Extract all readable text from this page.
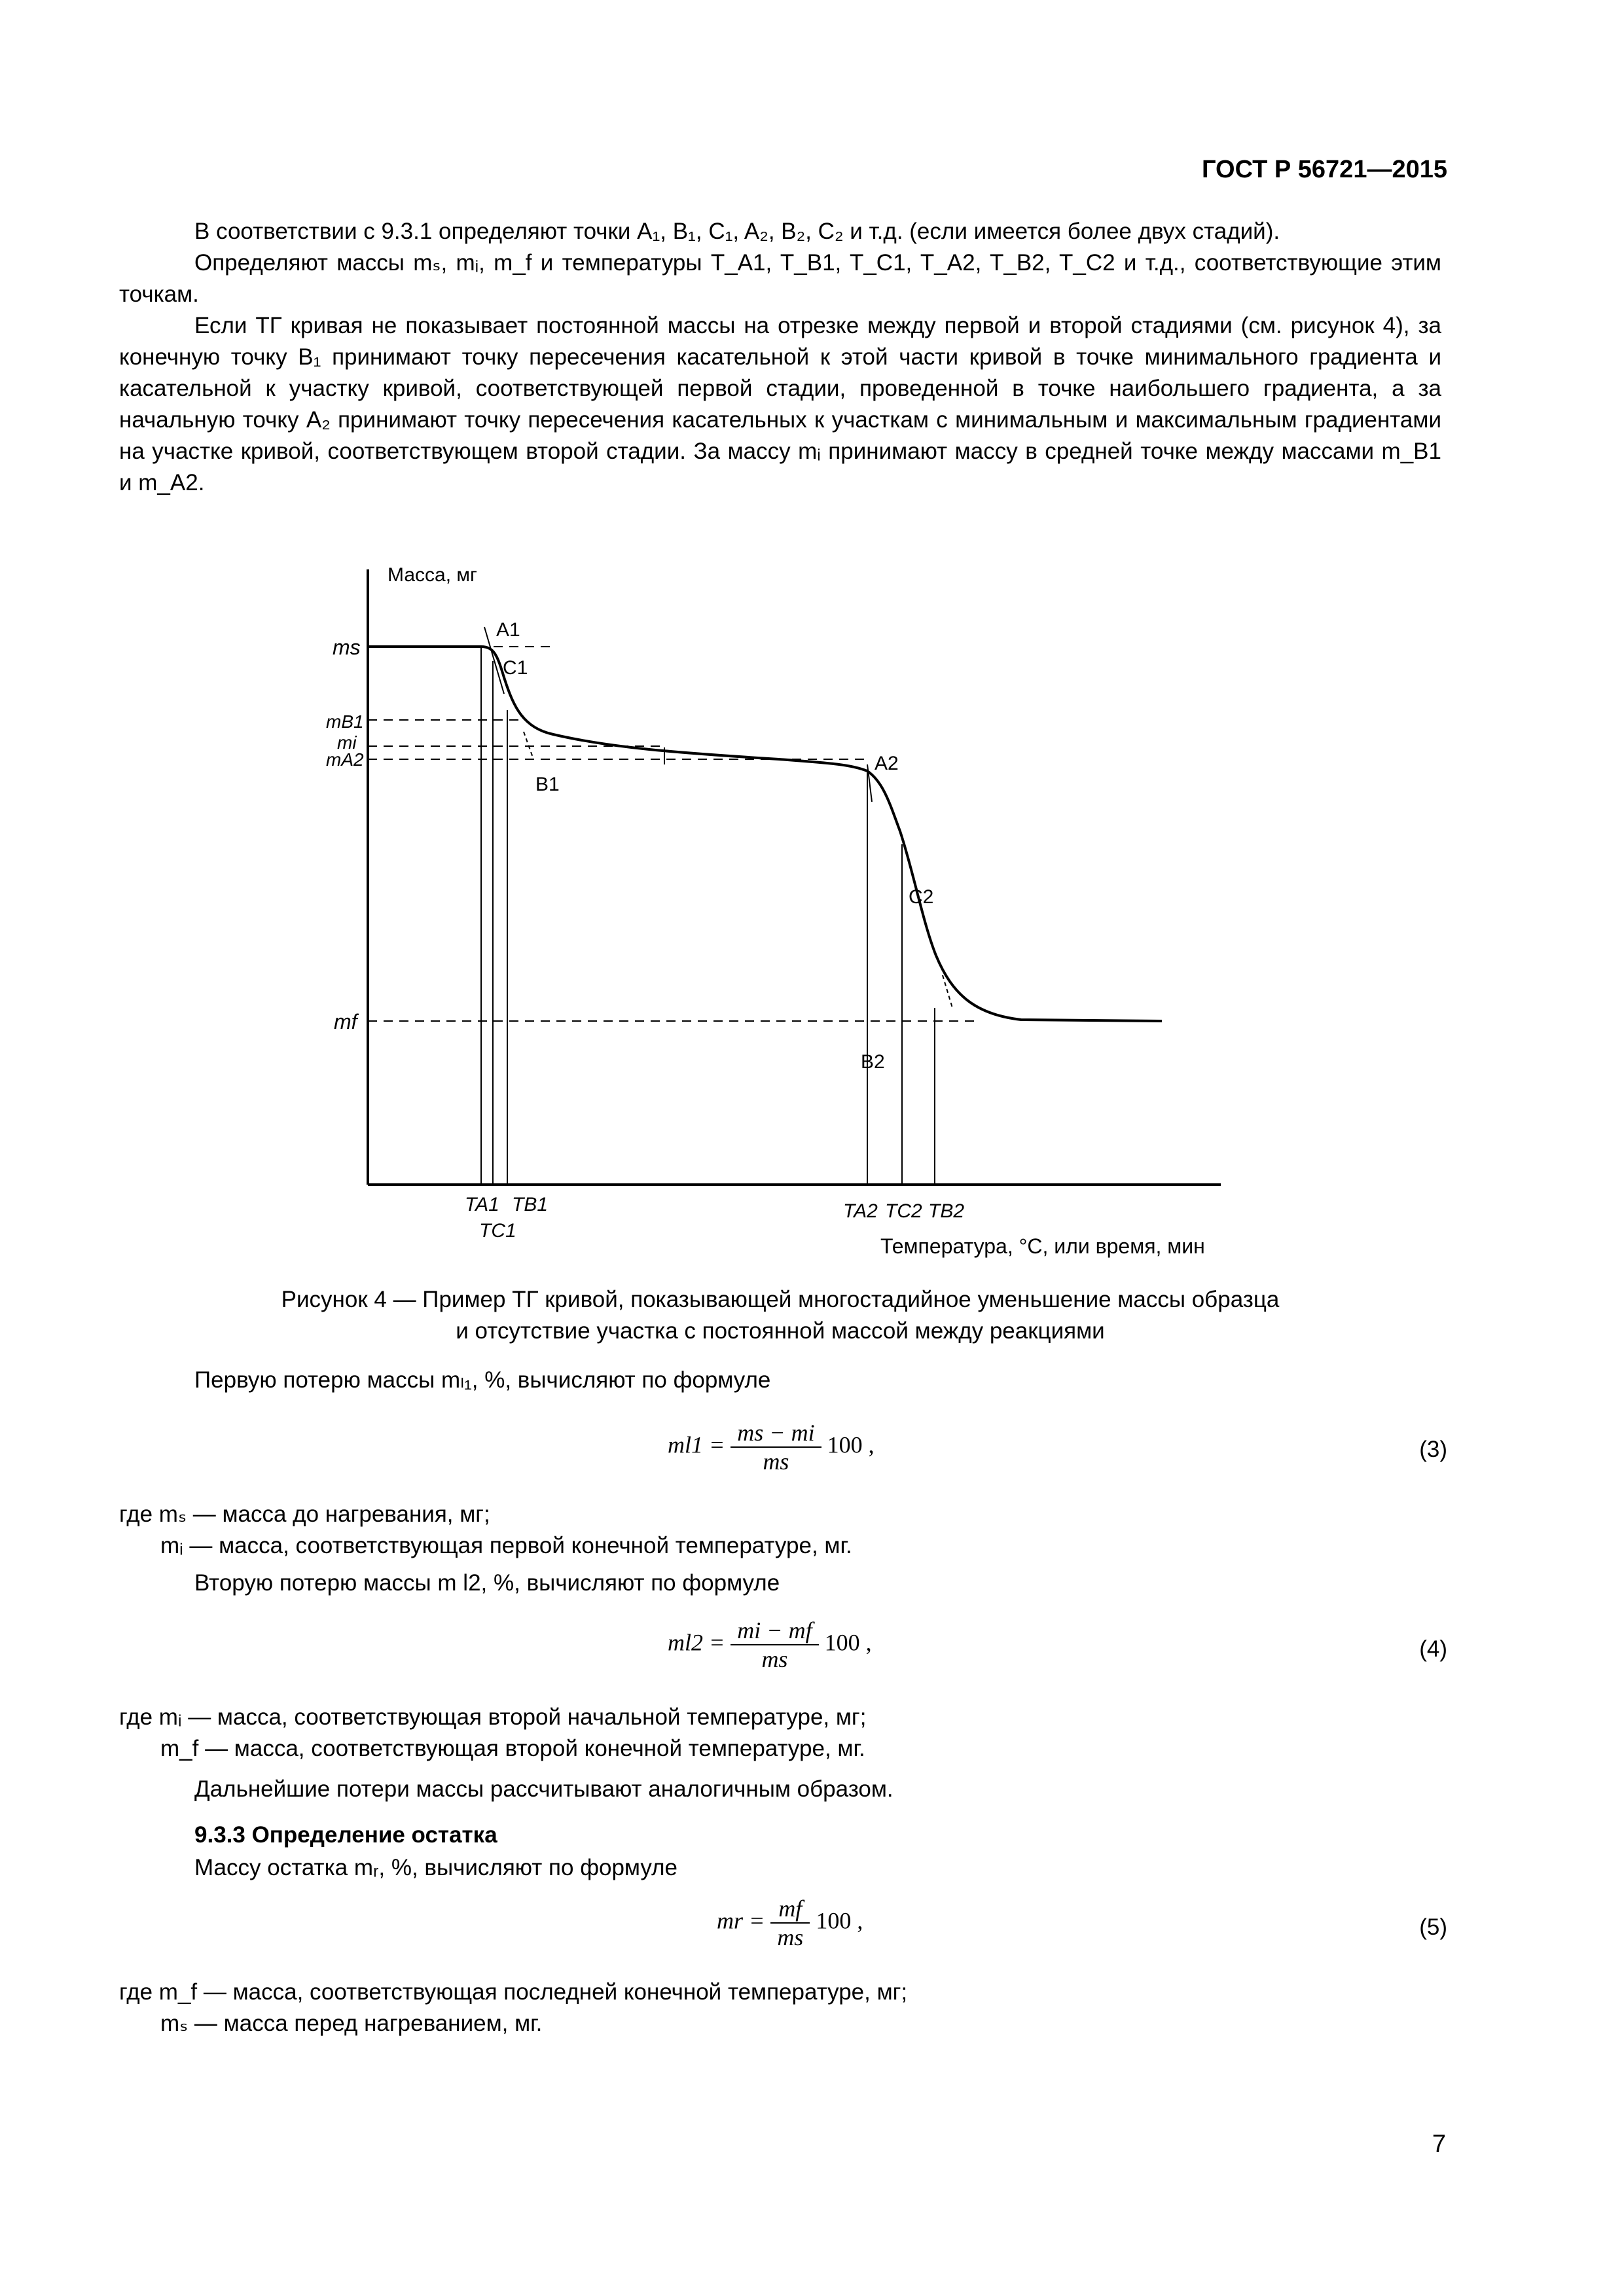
ГОСТ Р 56721—2015

В соответствии с 9.3.1 определяют точки A₁, B₁, C₁, A₂, B₂, C₂ и т.д. (если имеется более двух стадий).

Определяют массы mₛ, mᵢ, m_f и температуры T_A1, T_B1, T_C1, T_A2, T_B2, T_C2 и т.д., соответствующие этим точкам.

Если ТГ кривая не показывает постоянной массы на отрезке между первой и второй стадиями (см. рисунок 4), за конечную точку B₁ принимают точку пересечения касательной к этой части кривой в точке минимального градиента и касательной к участку кривой, соответствующей первой стадии, проведенной в точке наибольшего градиента, а за начальную точку A₂ принимают точку пересечения касательных к участкам с минимальным и максимальным градиентами на участке кривой, соответствующем второй стадии. За массу mᵢ принимают массу в средней точке между массами m_B1 и m_A2.

Масса, мг
Температура, °С, или время, мин
ms
mB1
mi
mA2
mf
A1
C1
B1
A2
C2
B2
TA1 TB1
TC1
TA2 TC2 TB2
Рисунок 4 — Пример ТГ кривой, показывающей многостадийное уменьшение массы образца
и отсутствие участка с постоянной массой между реакциями
Первую потерю массы mₗ₁, %, вычисляют по формуле
$ml1 = \frac{ms - mi}{ms} 100$ ,	(3)
где mₛ — масса до нагревания, мг;
mᵢ — масса, соответствующая первой конечной температуре, мг.
Вторую потерю массы m l2, %, вычисляют по формуле
$ml2 = \frac{mi - mf}{ms} 100$ ,	(4)
где mᵢ — масса, соответствующая второй начальной температуре, мг;
m_f — масса, соответствующая второй конечной температуре, мг.
Дальнейшие потери массы рассчитывают аналогичным образом.
9.3.3 Определение остатка
Массу остатка mᵣ, %, вычисляют по формуле
mr = $\frac{mf}{ms} 100$ ,	(5)
где m_f — масса, соответствующая последней конечной температуре, мг;
mₛ — масса перед нагреванием, мг.
7
